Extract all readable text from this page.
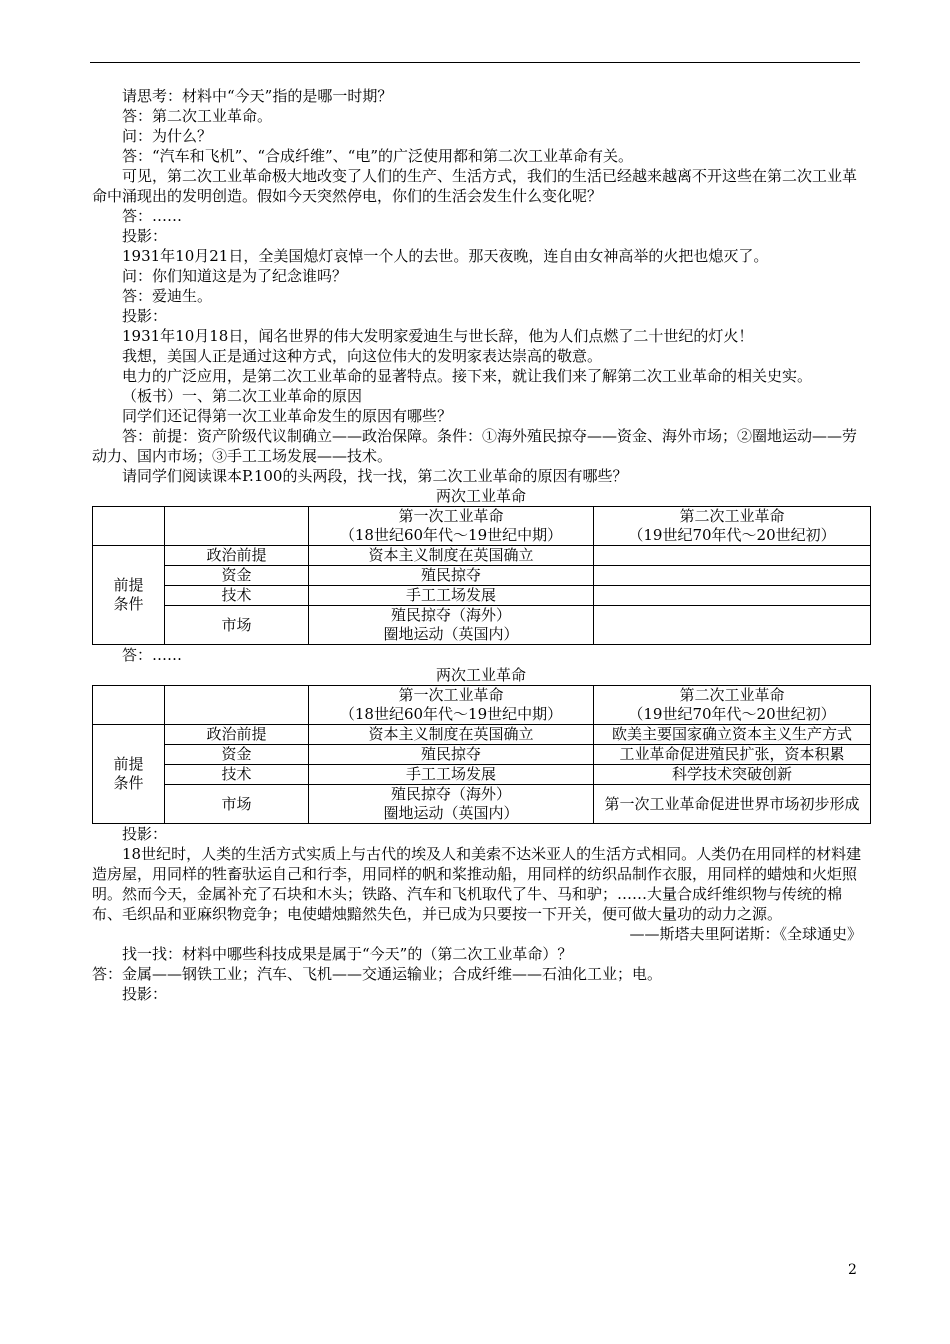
请思考：材料中“今天”指的是哪一时期？

答：第二次工业革命。

问：为什么？

答：“汽车和飞机”、“合成纤维”、“电”的广泛使用都和第二次工业革命有关。

可见，第二次工业革命极大地改变了人们的生产、生活方式，我们的生活已经越来越离不开这些在第二次工业革命中涌现出的发明创造。假如今天突然停电，你们的生活会发生什么变化呢？

答：……

投影：

1931年10月21日，全美国熄灯哀悼一个人的去世。那天夜晚，连自由女神高举的火把也熄灭了。

问：你们知道这是为了纪念谁吗？

答：爱迪生。

投影：

1931年10月18日，闻名世界的伟大发明家爱迪生与世长辞，他为人们点燃了二十世纪的灯火！

我想，美国人正是通过这种方式，向这位伟大的发明家表达崇高的敬意。

电力的广泛应用，是第二次工业革命的显著特点。接下来，就让我们来了解第二次工业革命的相关史实。

（板书）一、第二次工业革命的原因

同学们还记得第一次工业革命发生的原因有哪些？

答：前提：资产阶级代议制确立——政治保障。条件：①海外殖民掠夺——资金、海外市场；②圈地运动——劳动力、国内市场；③手工工场发展——技术。

请同学们阅读课本P.100的头两段，找一找，第二次工业革命的原因有哪些？

两次工业革命

		第一次工业革命
（18世纪60年代～19世纪中期）	第二次工业革命
（19世纪70年代～20世纪初）
前提
条件	政治前提	资本主义制度在英国确立	
	资金	殖民掠夺	
	技术	手工工场发展	
	市场	殖民掠夺（海外）
圈地运动（英国内）	

答：……

两次工业革命

		第一次工业革命
（18世纪60年代～19世纪中期）	第二次工业革命
（19世纪70年代～20世纪初）
前提
条件	政治前提	资本主义制度在英国确立	欧美主要国家确立资本主义生产方式
	资金	殖民掠夺	工业革命促进殖民扩张，资本积累
	技术	手工工场发展	科学技术突破创新
	市场	殖民掠夺（海外）
圈地运动（英国内）	第一次工业革命促进世界市场初步形成

投影：

18世纪时，人类的生活方式实质上与古代的埃及人和美索不达米亚人的生活方式相同。人类仍在用同样的材料建造房屋，用同样的牲畜驮运自己和行李，用同样的帆和桨推动船，用同样的纺织品制作衣服，用同样的蜡烛和火炬照明。然而今天，金属补充了石块和木头；铁路、汽车和飞机取代了牛、马和驴；……大量合成纤维织物与传统的棉布、毛织品和亚麻织物竞争；电使蜡烛黯然失色，并已成为只要按一下开关，便可做大量功的动力之源。

——斯塔夫里阿诺斯：《全球通史》

找一找：材料中哪些科技成果是属于“今天”的（第二次工业革命）？

答：金属——钢铁工业；汽车、飞机——交通运输业；合成纤维——石油化工业；电。

投影：

2
